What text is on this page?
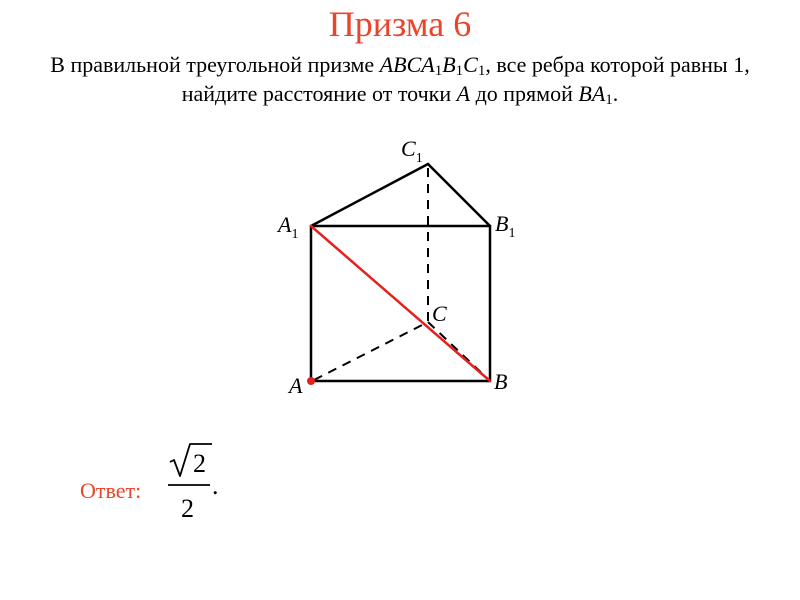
Призма 6
В правильной треугольной призме $ABCA_1B_1C_1$, все ребра которой равны 1, найдите расстояние от точки A до прямой $BA_1$.
$C_1$
$A_1$	$B_1$
C
A	B
Ответ:
2
2
.
